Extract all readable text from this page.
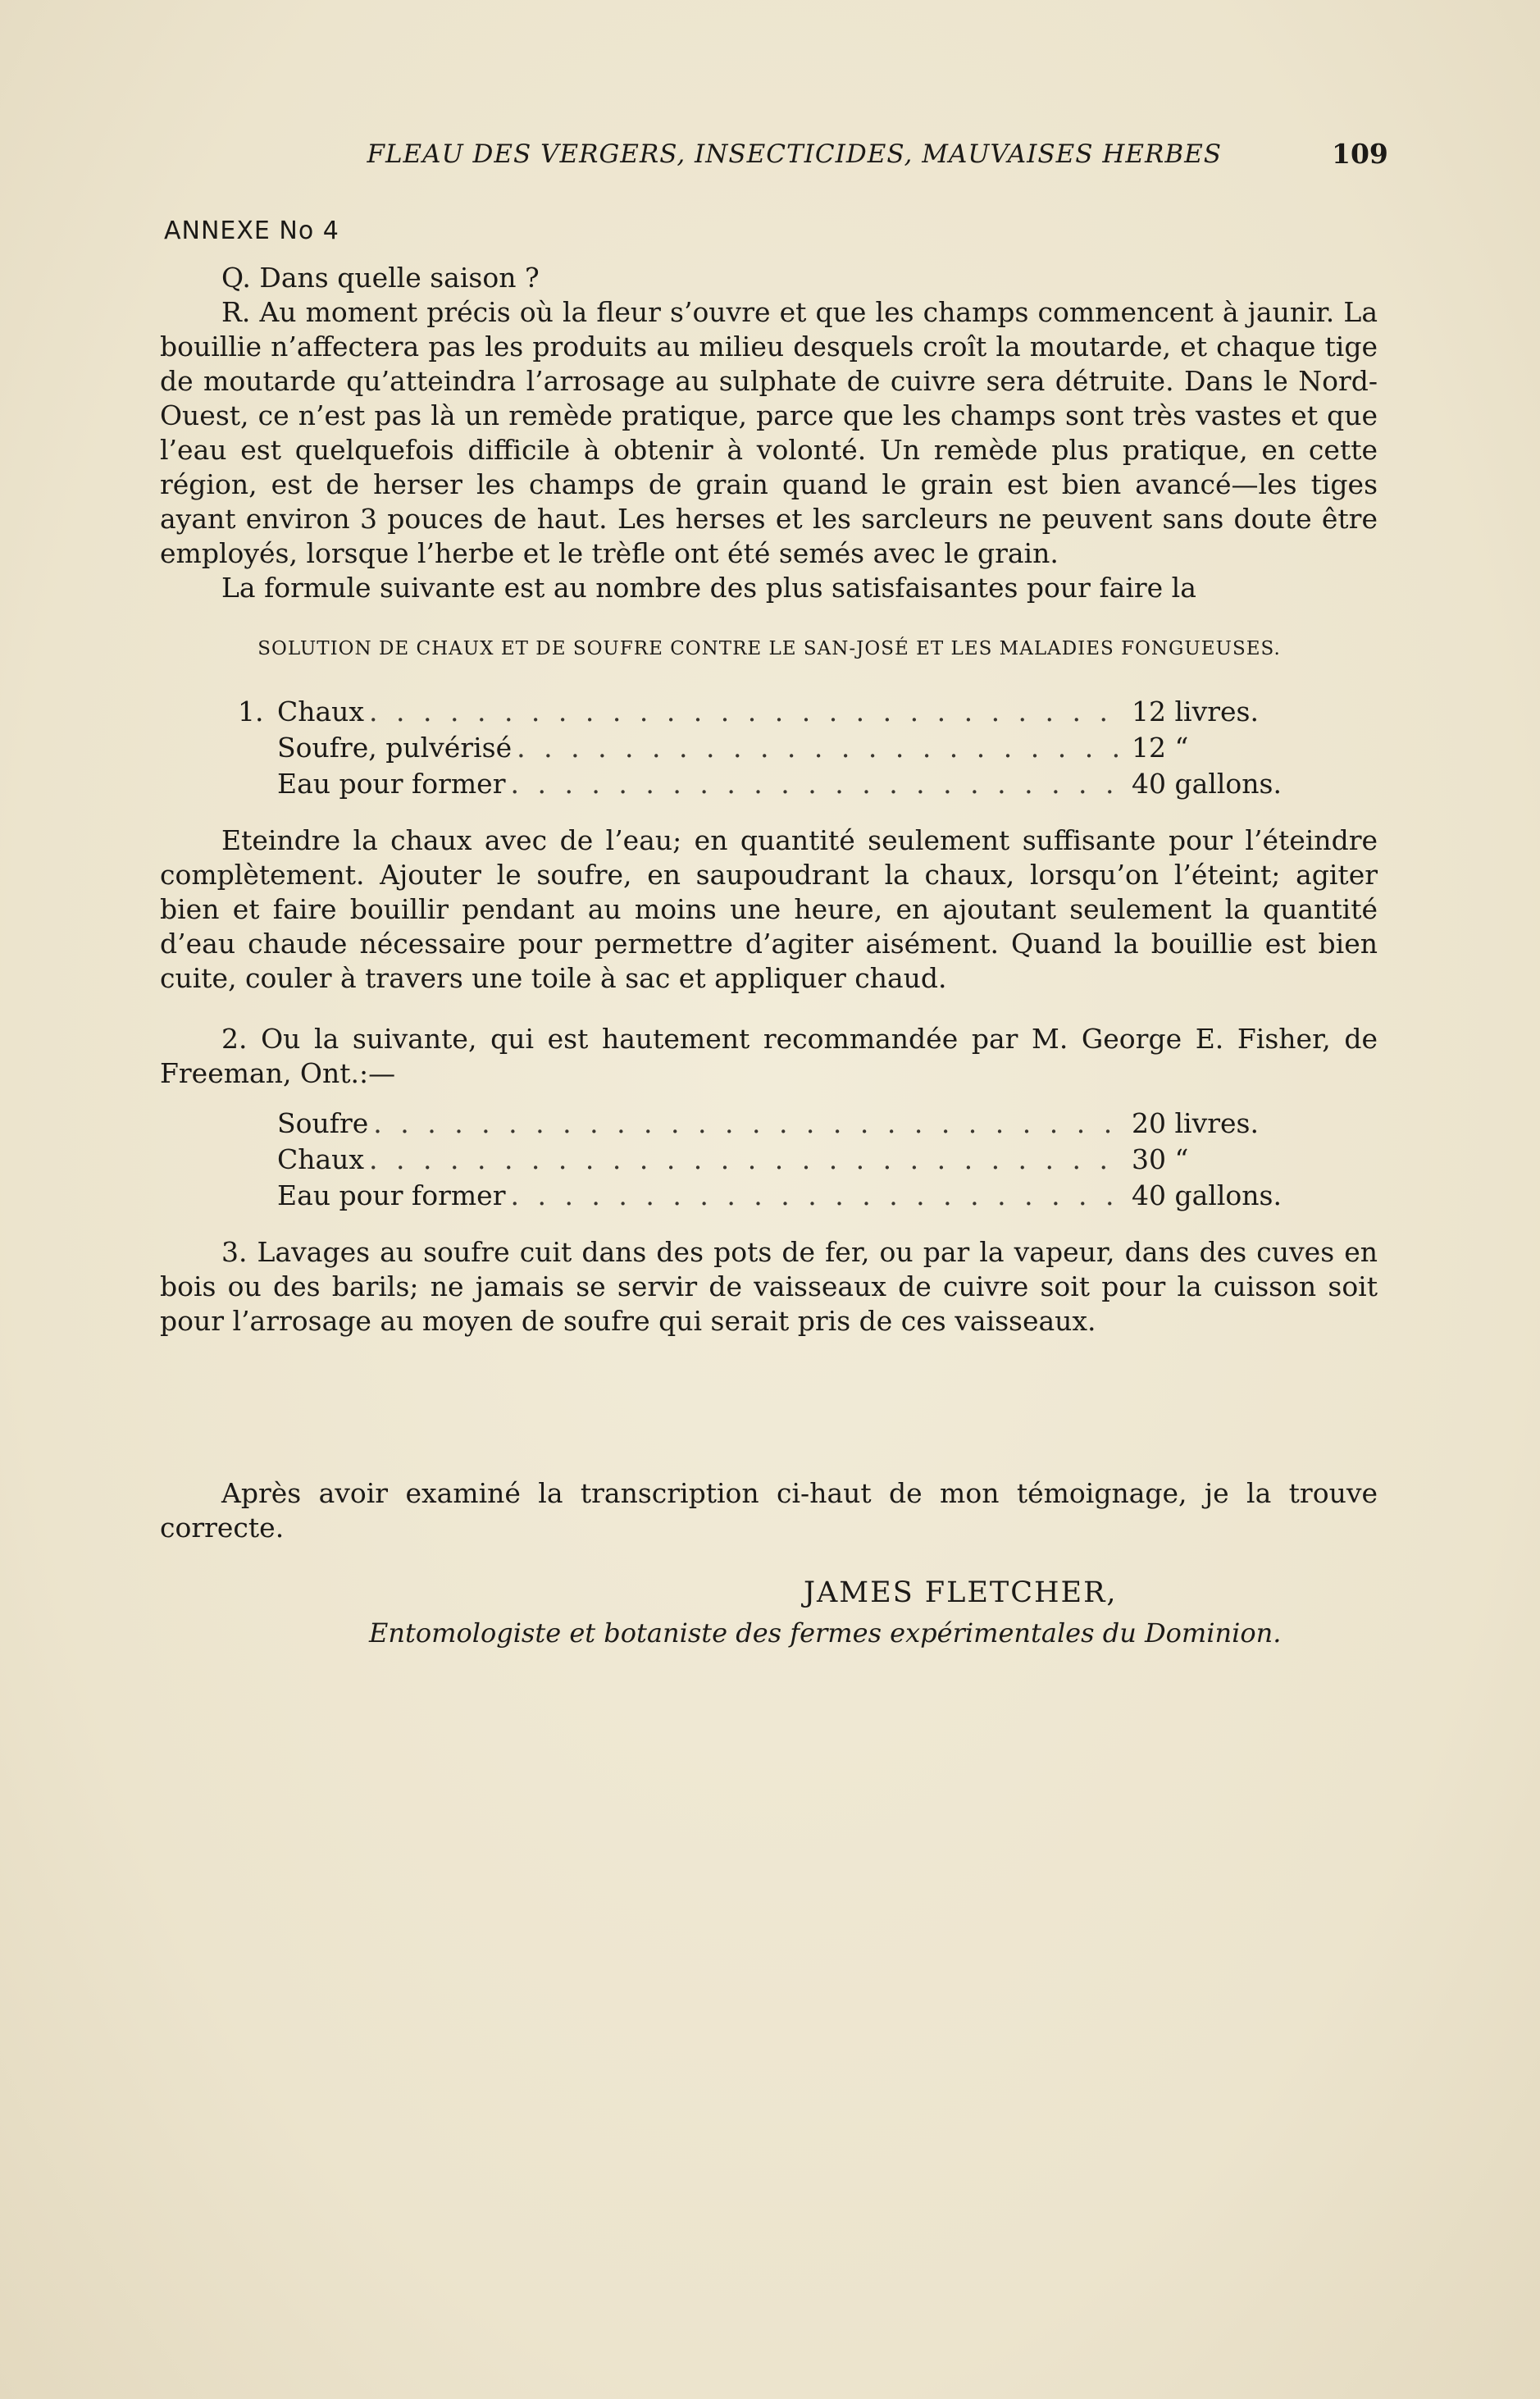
FLEAU DES VERGERS, INSECTICIDES, MAUVAISES HERBES	109
ANNEXE No 4

Q. Dans quelle saison ?

R. Au moment précis où la fleur s’ouvre et que les champs commencent à jaunir. La bouillie n’affectera pas les produits au milieu desquels croît la moutarde, et chaque tige de moutarde qu’atteindra l’arrosage au sulphate de cuivre sera détruite. Dans le Nord-Ouest, ce n’est pas là un remède pratique, parce que les champs sont très vastes et que l’eau est quelquefois difficile à obtenir à volonté. Un remède plus pratique, en cette région, est de herser les champs de grain quand le grain est bien avancé—les tiges ayant environ 3 pouces de haut. Les herses et les sarcleurs ne peuvent sans doute être employés, lorsque l’herbe et le trèfle ont été semés avec le grain.

La formule suivante est au nombre des plus satisfaisantes pour faire la

SOLUTION DE CHAUX ET DE SOUFRE CONTRE LE SAN-JOSÉ ET LES MALADIES FONGUEUSES.
1. Chaux . . .	12 livres.
Soufre, pulvérisé . . .	12 “
Eau pour former . . .	40 gallons.

Eteindre la chaux avec de l’eau; en quantité seulement suffisante pour l’éteindre complètement. Ajouter le soufre, en saupoudrant la chaux, lorsqu’on l’éteint; agiter bien et faire bouillir pendant au moins une heure, en ajoutant seulement la quantité d’eau chaude nécessaire pour permettre d’agiter aisément. Quand la bouillie est bien cuite, couler à travers une toile à sac et appliquer chaud.

2. Ou la suivante, qui est hautement recommandée par M. George E. Fisher, de Freeman, Ont.:—

Soufre . . .	20 livres.
Chaux . . .	30 “
Eau pour former . . .	40 gallons.

3. Lavages au soufre cuit dans des pots de fer, ou par la vapeur, dans des cuves en bois ou des barils; ne jamais se servir de vaisseaux de cuivre soit pour la cuisson soit pour l’arrosage au moyen de soufre qui serait pris de ces vaisseaux.

Après avoir examiné la transcription ci-haut de mon témoignage, je la trouve correcte.

JAMES FLETCHER,
Entomologiste et botaniste des fermes expérimentales du Dominion.
